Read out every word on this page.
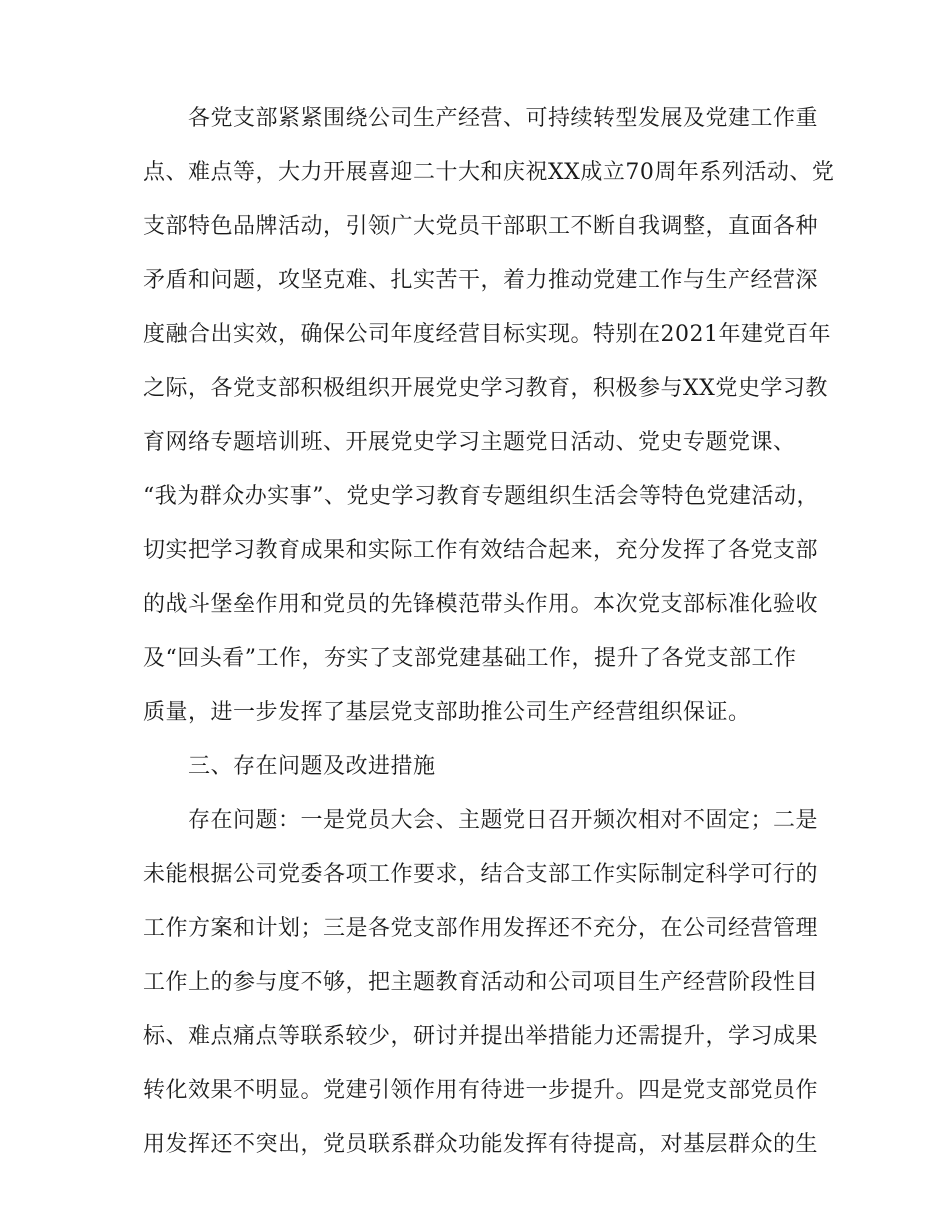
各党支部紧紧围绕公司生产经营、可持续转型发展及党建工作重
点、难点等，大力开展喜迎二十大和庆祝XX成立70周年系列活动、党
支部特色品牌活动，引领广大党员干部职工不断自我调整，直面各种
矛盾和问题，攻坚克难、扎实苦干，着力推动党建工作与生产经营深
度融合出实效，确保公司年度经营目标实现。特别在2021年建党百年
之际，各党支部积极组织开展党史学习教育，积极参与XX党史学习教
育网络专题培训班、开展党史学习主题党日活动、党史专题党课、
“我为群众办实事”、党史学习教育专题组织生活会等特色党建活动，
切实把学习教育成果和实际工作有效结合起来，充分发挥了各党支部
的战斗堡垒作用和党员的先锋模范带头作用。本次党支部标准化验收
及“回头看”工作，夯实了支部党建基础工作，提升了各党支部工作
质量，进一步发挥了基层党支部助推公司生产经营组织保证。
三、存在问题及改进措施
存在问题：一是党员大会、主题党日召开频次相对不固定；二是
未能根据公司党委各项工作要求，结合支部工作实际制定科学可行的
工作方案和计划；三是各党支部作用发挥还不充分，在公司经营管理
工作上的参与度不够，把主题教育活动和公司项目生产经营阶段性目
标、难点痛点等联系较少，研讨并提出举措能力还需提升，学习成果
转化效果不明显。党建引领作用有待进一步提升。四是党支部党员作
用发挥还不突出，党员联系群众功能发挥有待提高，对基层群众的生
